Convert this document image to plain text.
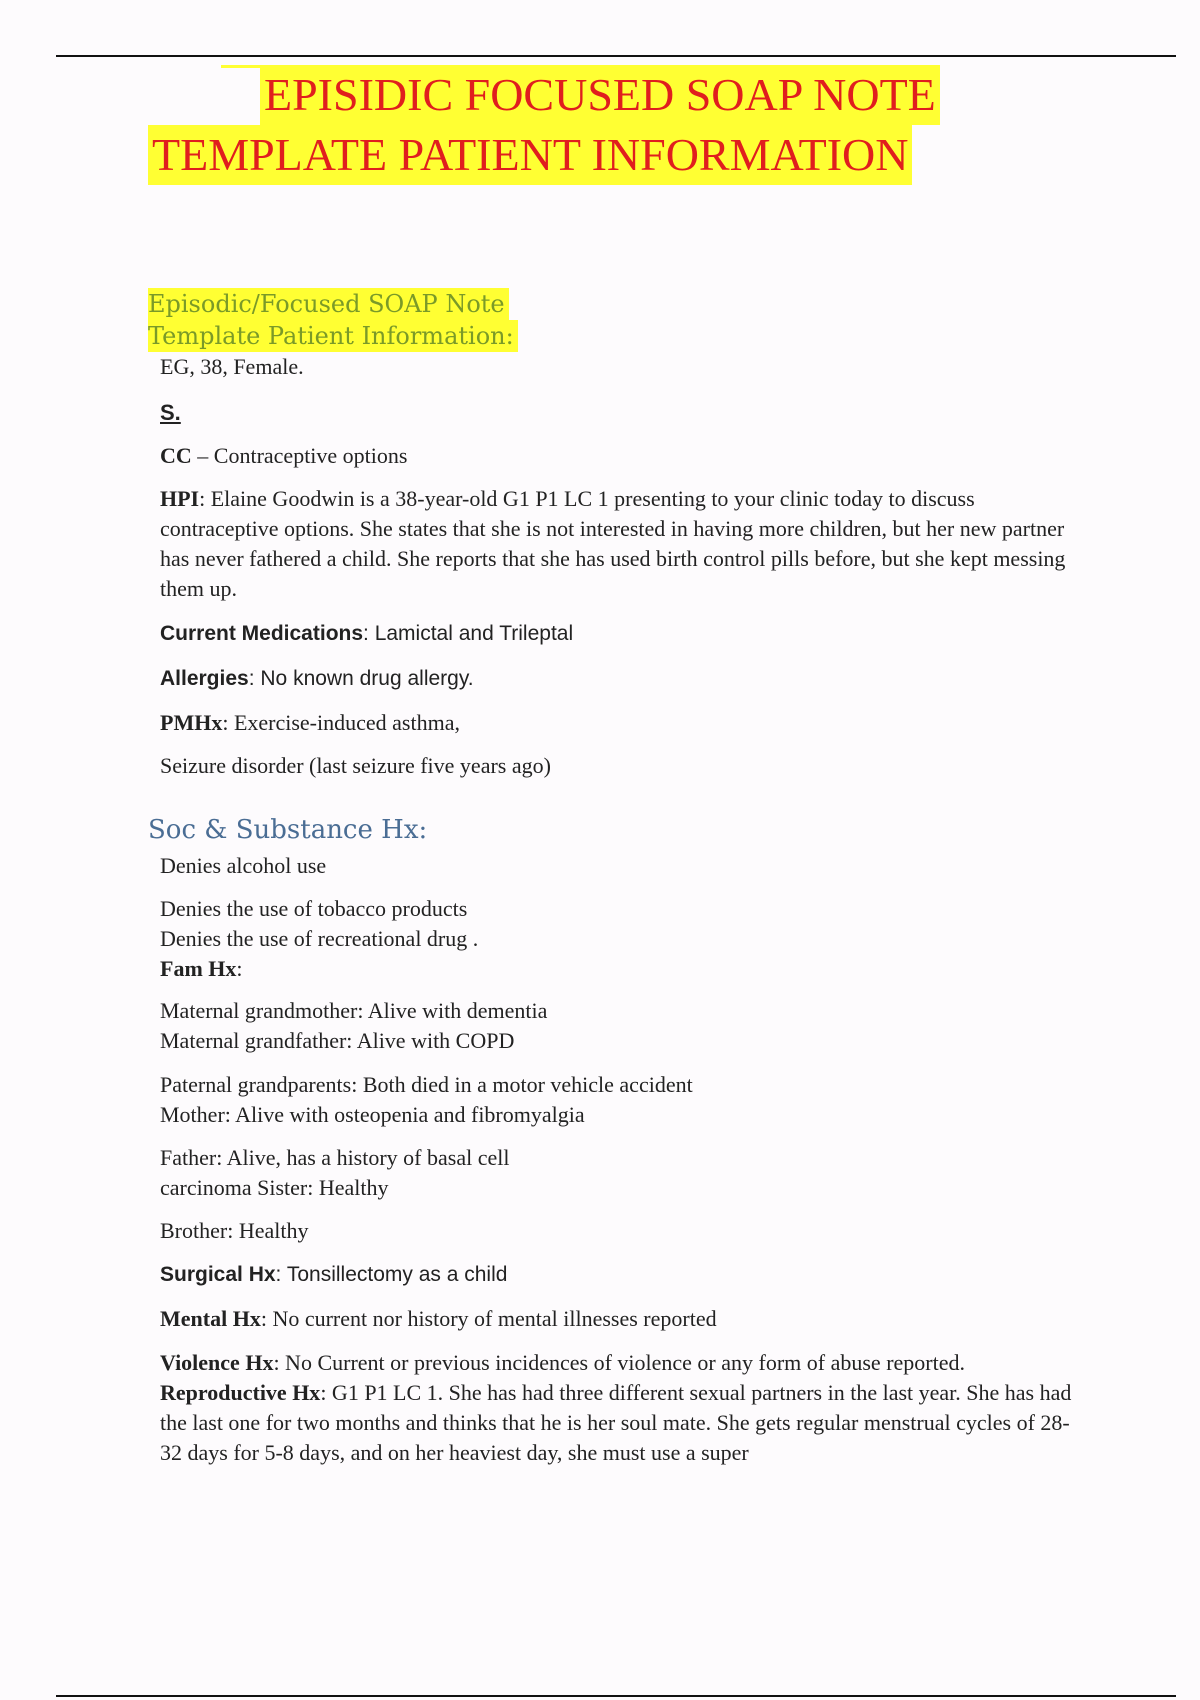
EPISIDIC FOCUSED SOAP NOTE
TEMPLATE PATIENT INFORMATION
Episodic/Focused SOAP Note
Template Patient Information:

EG, 38, Female.

S.

CC – Contraceptive options

HPI: Elaine Goodwin is a 38-year-old G1 P1 LC 1 presenting to your clinic today to discuss contraceptive options. She states that she is not interested in having more children, but her new partner has never fathered a child. She reports that she has used birth control pills before, but she kept messing them up.

Current Medications: Lamictal and Trileptal

Allergies: No known drug allergy.

PMHx: Exercise-induced asthma,

Seizure disorder (last seizure five years ago)

Soc & Substance Hx:

Denies alcohol use

Denies the use of tobacco products

Denies the use of recreational drug .

Fam Hx:

Maternal grandmother: Alive with dementia

Maternal grandfather: Alive with COPD

Paternal grandparents: Both died in a motor vehicle accident

Mother: Alive with osteopenia and fibromyalgia

Father: Alive, has a history of basal cell

carcinoma Sister: Healthy

Brother: Healthy

Surgical Hx: Tonsillectomy as a child

Mental Hx: No current nor history of mental illnesses reported

Violence Hx: No Current or previous incidences of violence or any form of abuse reported.

Reproductive Hx: G1 P1 LC 1. She has had three different sexual partners in the last year. She has had the last one for two months and thinks that he is her soul mate. She gets regular menstrual cycles of 28-32 days for 5-8 days, and on her heaviest day, she must use a super
